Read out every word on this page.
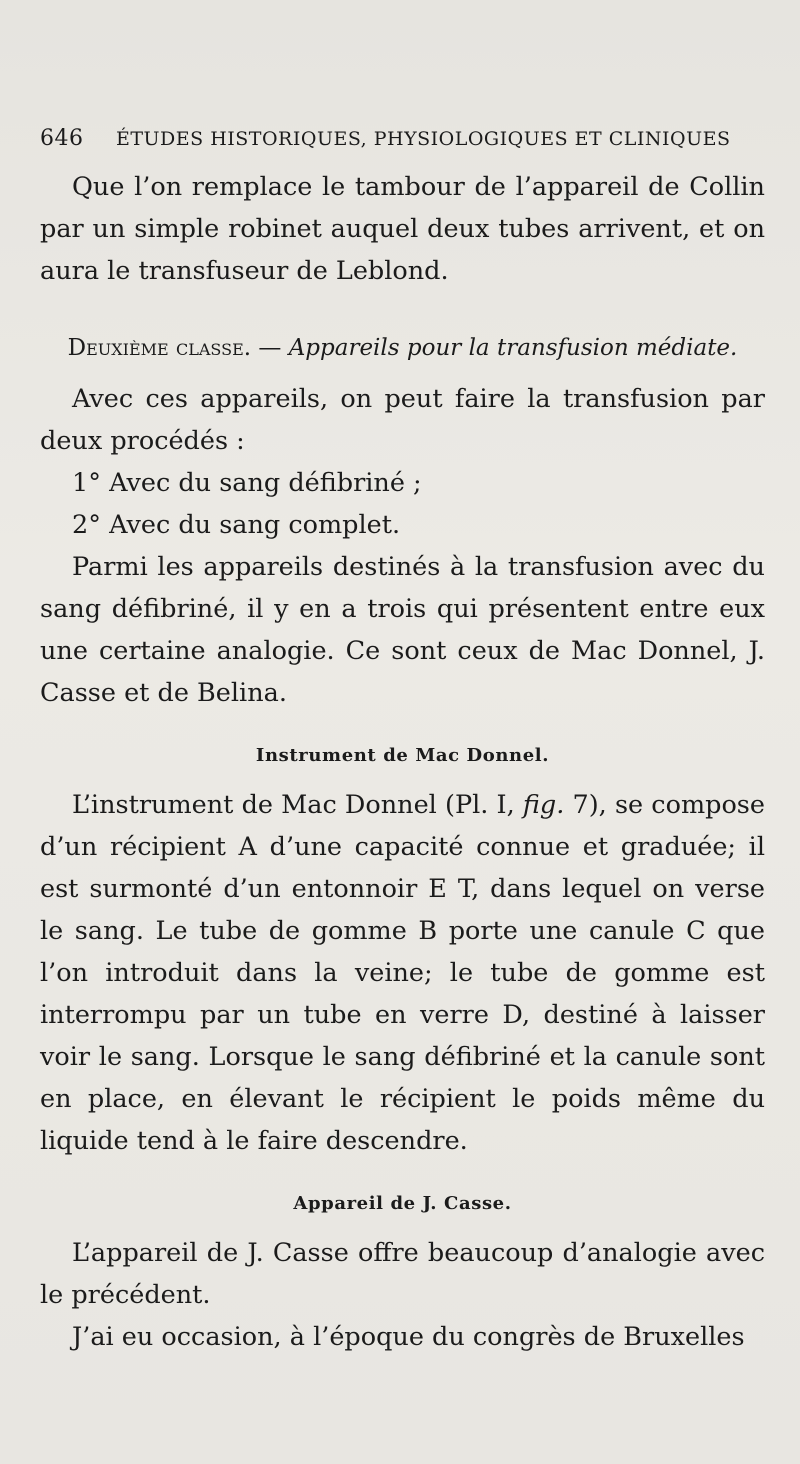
646 ÉTUDES HISTORIQUES, PHYSIOLOGIQUES ET CLINIQUES

Que l’on remplace le tambour de l’appareil de Collin par un simple robinet auquel deux tubes arrivent, et on aura le transfuseur de Leblond.

Deuxième classe. — Appareils pour la transfusion médiate.

Avec ces appareils, on peut faire la transfusion par deux procédés :

1° Avec du sang défibriné ;

2° Avec du sang complet.

Parmi les appareils destinés à la transfusion avec du sang défibriné, il y en a trois qui présentent entre eux une certaine analogie. Ce sont ceux de Mac Donnel, J. Casse et de Belina.

Instrument de Mac Donnel.

L’instrument de Mac Donnel (Pl. I, fig. 7), se compose d’un récipient A d’une capacité connue et graduée; il est surmonté d’un entonnoir E T, dans lequel on verse le sang. Le tube de gomme B porte une canule C que l’on introduit dans la veine; le tube de gomme est interrompu par un tube en verre D, destiné à laisser voir le sang. Lorsque le sang défibriné et la canule sont en place, en élevant le récipient le poids même du liquide tend à le faire descendre.

Appareil de J. Casse.

L’appareil de J. Casse offre beaucoup d’analogie avec le précédent.

J’ai eu occasion, à l’époque du congrès de Bruxelles
